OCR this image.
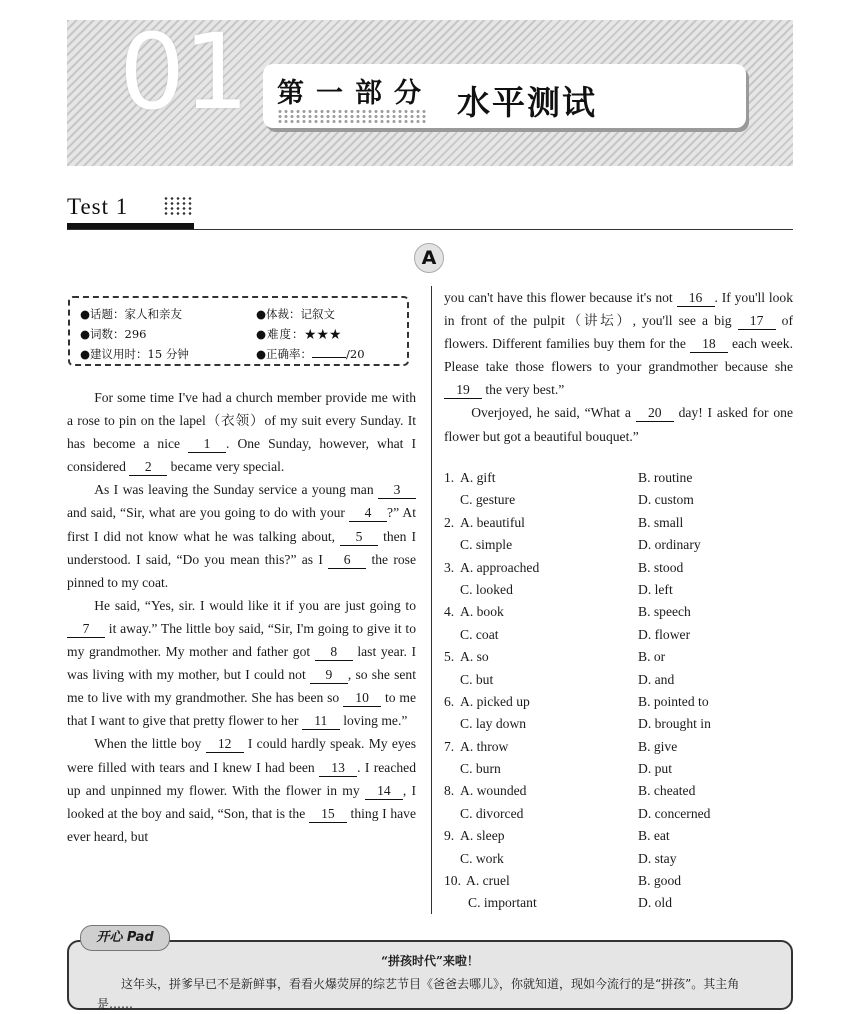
01 第一部分 水平测试
Test 1
A
●话题：家人和亲友	●体裁：记叙文
●词数：296	●难度：★★★
●建议用时：15 分钟	●正确率：	/20

For some time I've had a church member provide me with a rose to pin on the lapel（衣领）of my suit every Sunday. It has become a nice 1 . One Sunday, however, what I considered 2 became very special.

As I was leaving the Sunday service a young man 3 and said, “Sir, what are you going to do with your 4 ?” At first I did not know what he was talking about, 5 then I understood. I said, “Do you mean this?” as I 6 the rose pinned to my coat.

He said, “Yes, sir. I would like it if you are just going to 7 it away.” The little boy said, “Sir, I'm going to give it to my grandmother. My mother and father got 8 last year. I was living with my mother, but I could not 9 , so she sent me to live with my grandmother. She has been so 10 to me that I want to give that pretty flower to her 11 loving me.”

When the little boy 12 I could hardly speak. My eyes were filled with tears and I knew I had been 13 . I reached up and unpinned my flower. With the flower in my 14 , I looked at the boy and said, “Son, that is the 15 thing I have ever heard, but

you can't have this flower because it's not 16 . If you'll look in front of the pulpit（讲坛）, you'll see a big 17 of flowers. Different families buy them for the 18 each week. Please take those flowers to your grandmother because she 19 the very best.”

Overjoyed, he said, “What a 20 day! I asked for one flower but got a beautiful bouquet.”

1. A. gift	B. routine
C. gesture	D. custom
2. A. beautiful	B. small
C. simple	D. ordinary
3. A. approached	B. stood
C. looked	D. left
4. A. book	B. speech
C. coat	D. flower
5. A. so	B. or
C. but	D. and
6. A. picked up	B. pointed to
C. lay down	D. brought in
7. A. throw	B. give
C. burn	D. put
8. A. wounded	B. cheated
C. divorced	D. concerned
9. A. sleep	B. eat
C. work	D. stay
10. A. cruel	B. good
C. important	D. old
“拼孩时代”来啦！
这年头，拼爹早已不是新鲜事，看看火爆荧屏的综艺节目《爸爸去哪儿》，你就知道，现如今流行的是“拼孩”。其主角是……
开心 Pad
